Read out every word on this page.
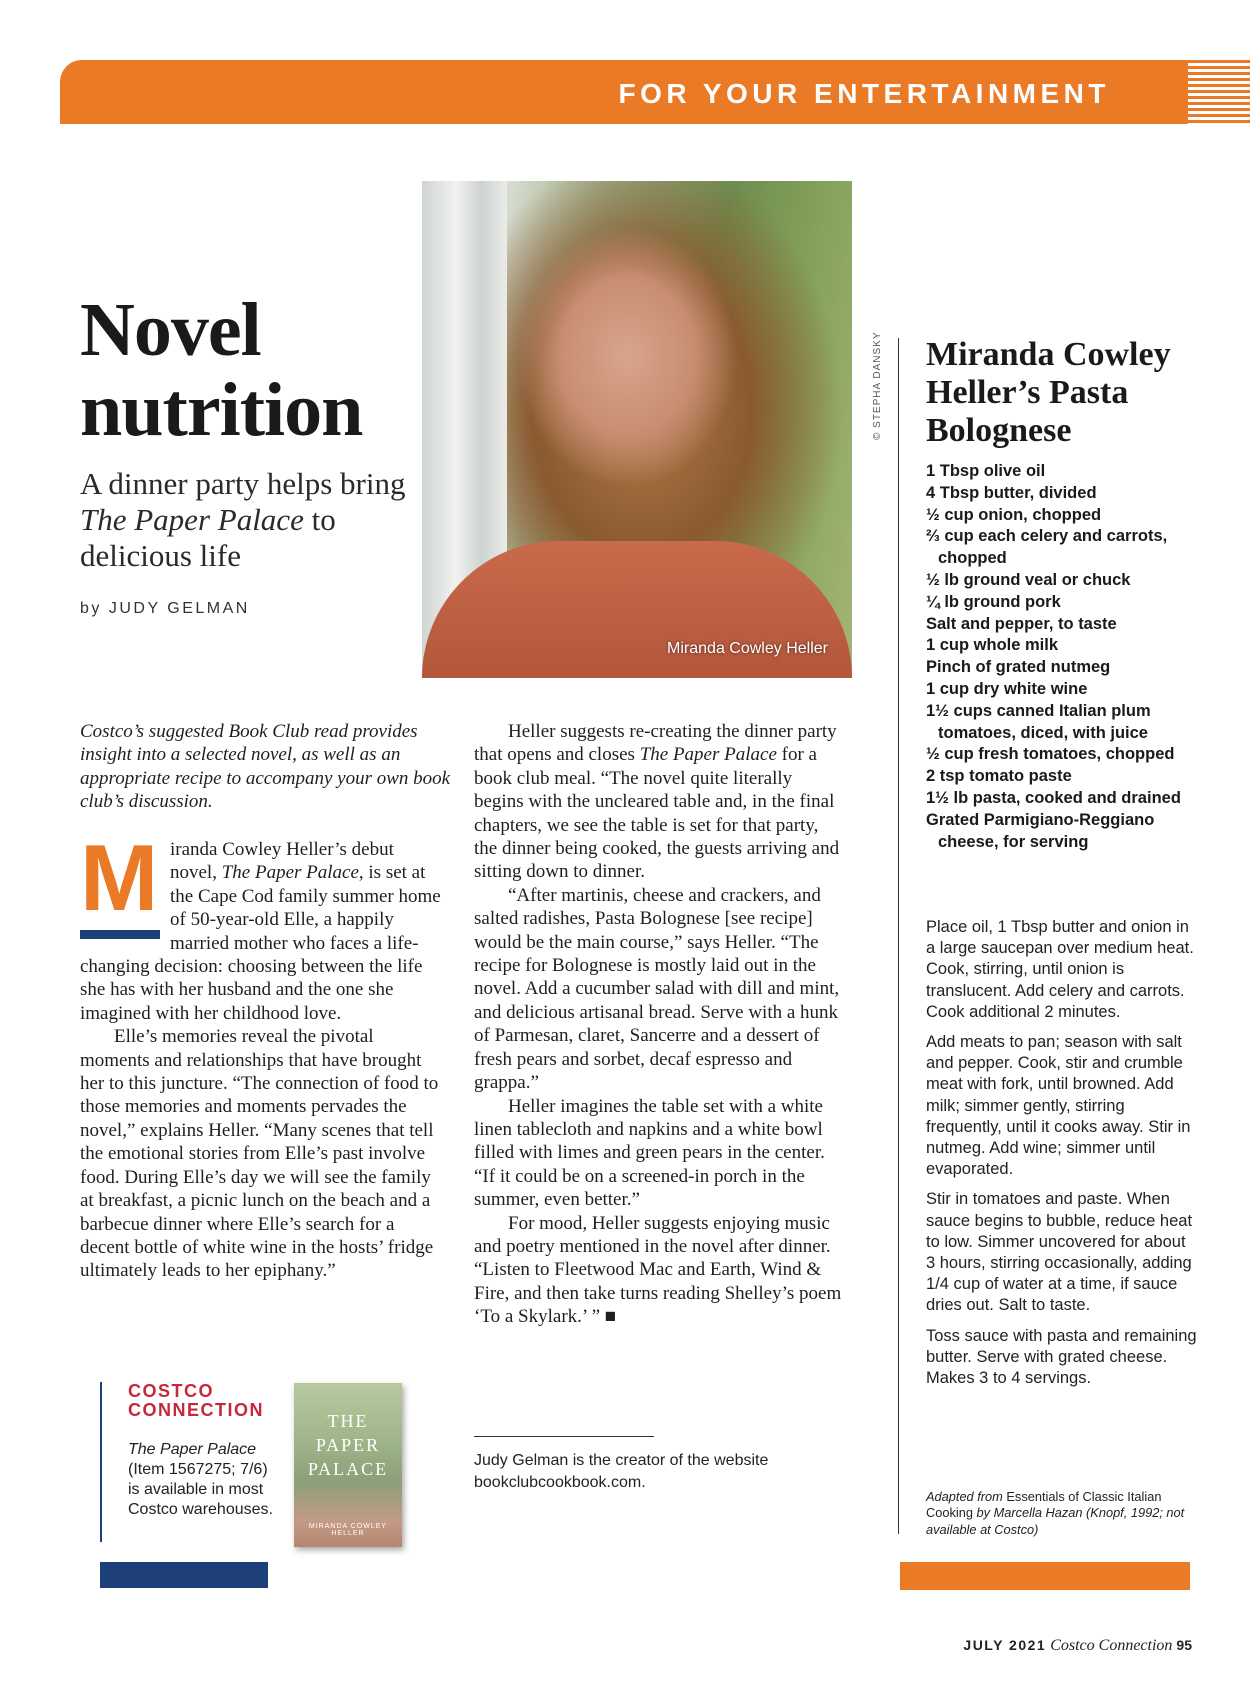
FOR YOUR ENTERTAINMENT
Novel
nutrition
A dinner party helps bring The Paper Palace to delicious life
by JUDY GELMAN
Miranda Cowley Heller
© STEPHA DANSKY
Costco’s suggested Book Club read provides insight into a selected novel, as well as an appropriate recipe to accompany your own book club’s discussion.

M iranda Cowley Heller’s debut novel, The Paper Palace, is set at the Cape Cod family summer home of 50-year-old Elle, a happily married mother who faces a life-changing decision: choosing between the life she has with her husband and the one she imagined with her childhood love.

Elle’s memories reveal the pivotal moments and relationships that have brought her to this juncture. “The connection of food to those memories and moments pervades the novel,” explains Heller. “Many scenes that tell the emotional stories from Elle’s past involve food. During Elle’s day we will see the family at breakfast, a picnic lunch on the beach and a barbecue dinner where Elle’s search for a decent bottle of white wine in the hosts’ fridge ultimately leads to her epiphany.”

Heller suggests re-creating the dinner party that opens and closes The Paper Palace for a book club meal. “The novel quite literally begins with the uncleared table and, in the final chapters, we see the table is set for that party, the dinner being cooked, the guests arriving and sitting down to dinner.

“After martinis, cheese and crackers, and salted radishes, Pasta Bolognese [see recipe] would be the main course,” says Heller. “The recipe for Bolognese is mostly laid out in the novel. Add a cucumber salad with dill and mint, and delicious artisanal bread. Serve with a hunk of Parmesan, claret, Sancerre and a dessert of fresh pears and sorbet, decaf espresso and grappa.”

Heller imagines the table set with a white linen tablecloth and napkins and a white bowl filled with limes and green pears in the center. “If it could be on a screened-in porch in the summer, even better.”

For mood, Heller suggests enjoying music and poetry mentioned in the novel after dinner. “Listen to Fleetwood Mac and Earth, Wind & Fire, and then take turns reading Shelley’s poem ‘To a Skylark.’ ” ■

Judy Gelman is the creator of the website bookclubcookbook.com.
COSTCO
CONNECTION
The Paper Palace (Item 1567275; 7/6) is available in most Costco warehouses.
THE
PAPER
PALACE
MIRANDA COWLEY HELLER
Miranda Cowley Heller’s Pasta Bolognese
1 Tbsp olive oil
4 Tbsp butter, divided
½ cup onion, chopped
⅔ cup each celery and carrots, chopped
½ lb ground veal or chuck
¼ lb ground pork
Salt and pepper, to taste
1 cup whole milk
Pinch of grated nutmeg
1 cup dry white wine
1½ cups canned Italian plum tomatoes, diced, with juice
½ cup fresh tomatoes, chopped
2 tsp tomato paste
1½ lb pasta, cooked and drained
Grated Parmigiano-Reggiano cheese, for serving
Place oil, 1 Tbsp butter and onion in a large saucepan over medium heat. Cook, stirring, until onion is translucent. Add celery and carrots. Cook additional 2 minutes.
Add meats to pan; season with salt and pepper. Cook, stir and crumble meat with fork, until browned. Add milk; simmer gently, stirring frequently, until it cooks away. Stir in nutmeg. Add wine; simmer until evaporated.
Stir in tomatoes and paste. When sauce begins to bubble, reduce heat to low. Simmer uncovered for about 3 hours, stirring occasionally, adding 1/4 cup of water at a time, if sauce dries out. Salt to taste.
Toss sauce with pasta and remaining butter. Serve with grated cheese. Makes 3 to 4 servings.
Adapted from Essentials of Classic Italian Cooking by Marcella Hazan (Knopf, 1992; not available at Costco)
JULY 2021 Costco Connection 95
